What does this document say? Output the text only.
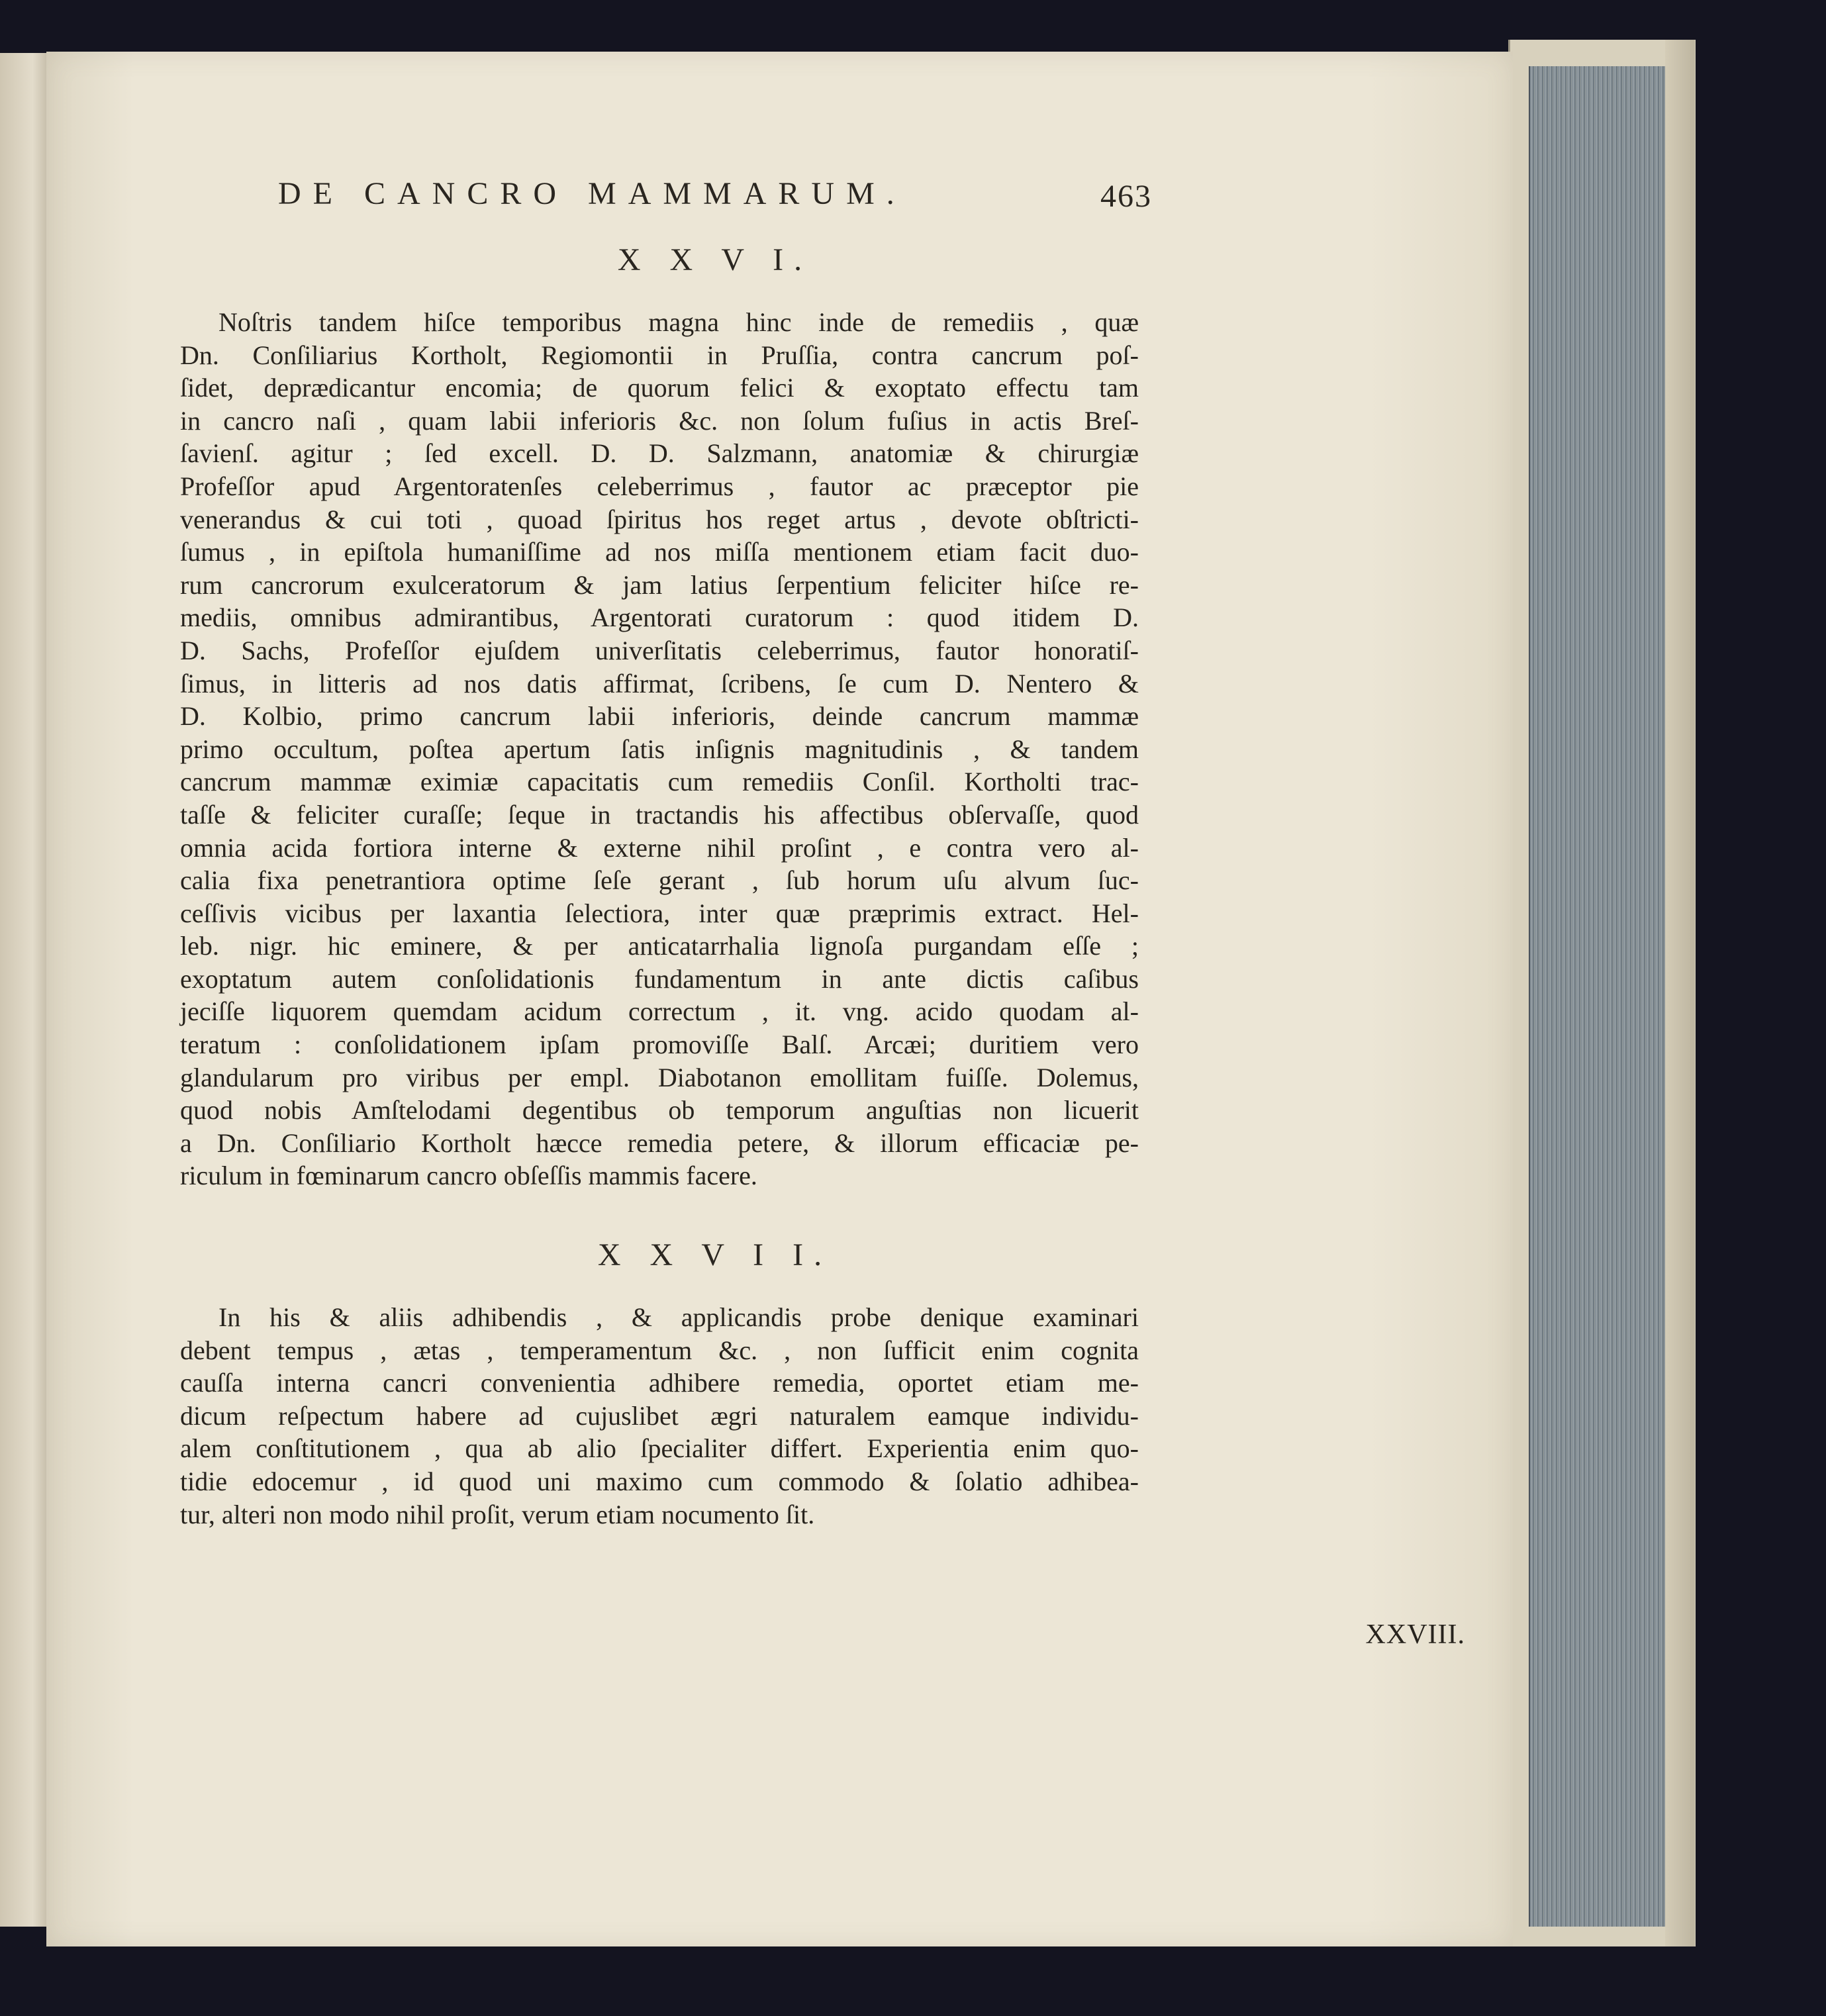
DE CANCRO MAMMARUM.	463
X X V I.
Noſtris tandem hiſce temporibus magna hinc inde de remediis , quæ
Dn. Conſiliarius Kortholt, Regiomontii in Pruſſia, contra cancrum poſ-
ſidet, deprædicantur encomia; de quorum felici & exoptato effectu tam
in cancro naſi , quam labii inferioris &c. non ſolum fuſius in actis Breſ-
ſavienſ. agitur ; ſed excell. D. D. Salzmann, anatomiæ & chirurgiæ
Profeſſor apud Argentoratenſes celeberrimus , fautor ac præceptor pie
venerandus & cui toti , quoad ſpiritus hos reget artus , devote obſtricti-
ſumus , in epiſtola humaniſſime ad nos miſſa mentionem etiam facit duo-
rum cancrorum exulceratorum & jam latius ſerpentium feliciter hiſce re-
mediis, omnibus admirantibus, Argentorati curatorum : quod itidem D.
D. Sachs, Profeſſor ejuſdem univerſitatis celeberrimus, fautor honoratiſ-
ſimus, in litteris ad nos datis affirmat, ſcribens, ſe cum D. Nentero &
D. Kolbio, primo cancrum labii inferioris, deinde cancrum mammæ
primo occultum, poſtea apertum ſatis inſignis magnitudinis , & tandem
cancrum mammæ eximiæ capacitatis cum remediis Conſil. Kortholti trac-
taſſe & feliciter curaſſe; ſeque in tractandis his affectibus obſervaſſe, quod
omnia acida fortiora interne & externe nihil proſint , e contra vero al-
calia fixa penetrantiora optime ſeſe gerant , ſub horum uſu alvum ſuc-
ceſſivis vicibus per laxantia ſelectiora, inter quæ præprimis extract. Hel-
leb. nigr. hic eminere, & per anticatarrhalia lignoſa purgandam eſſe ;
exoptatum autem conſolidationis fundamentum in ante dictis caſibus
jeciſſe liquorem quemdam acidum correctum , it. vng. acido quodam al-
teratum : conſolidationem ipſam promoviſſe Balſ. Arcæi; duritiem vero
glandularum pro viribus per empl. Diabotanon emollitam fuiſſe. Dolemus,
quod nobis Amſtelodami degentibus ob temporum anguſtias non licuerit
a Dn. Conſiliario Kortholt hæcce remedia petere, & illorum efficaciæ pe-
riculum in fœminarum cancro obſeſſis mammis facere.
X X V I I.
In his & aliis adhibendis , & applicandis probe denique examinari
debent tempus , ætas , temperamentum &c. , non ſufficit enim cognita
cauſſa interna cancri convenientia adhibere remedia, oportet etiam me-
dicum reſpectum habere ad cujuslibet ægri naturalem eamque individu-
alem conſtitutionem , qua ab alio ſpecialiter differt. Experientia enim quo-
tidie edocemur , id quod uni maximo cum commodo & ſolatio adhibea-
tur, alteri non modo nihil proſit, verum etiam nocumento ſit.
XXVIII.
